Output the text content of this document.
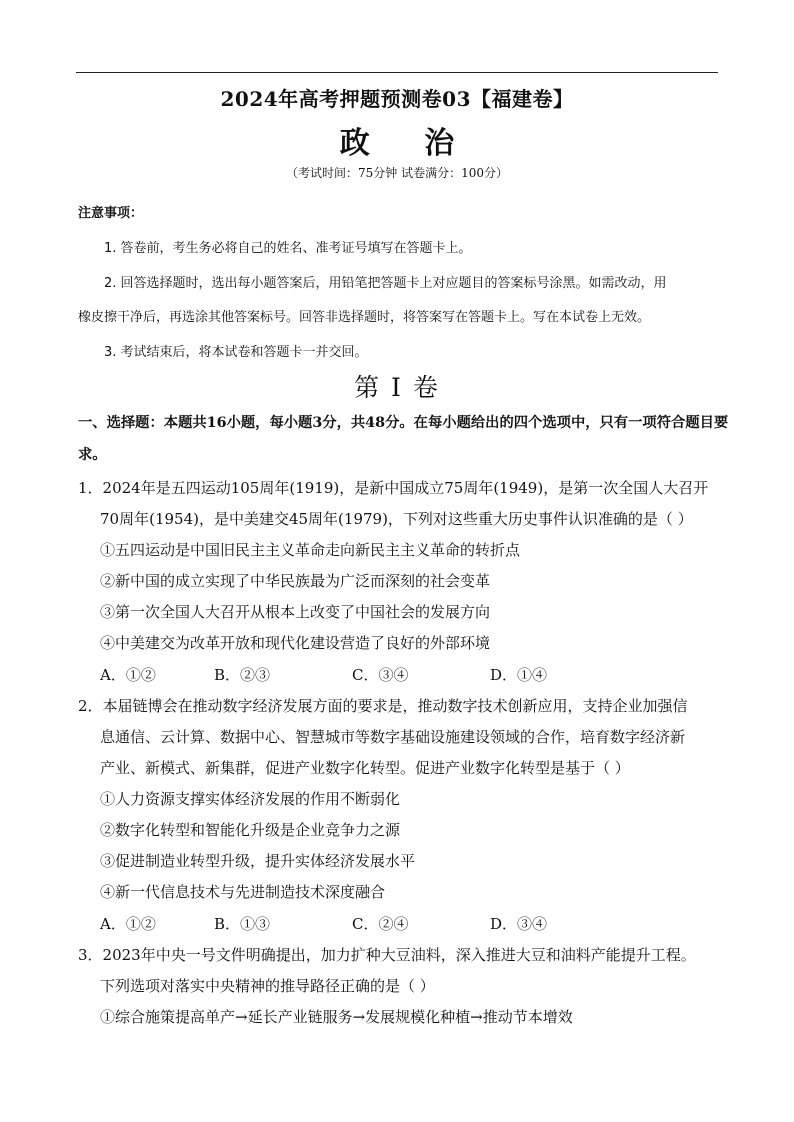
2024年高考押题预测卷03【福建卷】
政 治
（考试时间：75分钟 试卷满分：100分）
注意事项：
1. 答卷前，考生务必将自己的姓名、准考证号填写在答题卡上。
2. 回答选择题时，选出每小题答案后，用铅笔把答题卡上对应题目的答案标号涂黑。如需改动，用
橡皮擦干净后，再选涂其他答案标号。回答非选择题时，将答案写在答题卡上。写在本试卷上无效。
3. 考试结束后，将本试卷和答题卡一并交回。
第 I 卷
一、选择题：本题共16小题，每小题3分，共48分。在每小题给出的四个选项中，只有一项符合题目要
求。
1．2024年是五四运动105周年(1919)，是新中国成立75周年(1949)，是第一次全国人大召开
70周年(1954)，是中美建交45周年(1979)，下列对这些重大历史事件认识准确的是（ ）
①五四运动是中国旧民主主义革命走向新民主主义革命的转折点
②新中国的成立实现了中华民族最为广泛而深刻的社会变革
③第一次全国人大召开从根本上改变了中国社会的发展方向
④中美建交为改革开放和现代化建设营造了良好的外部环境
A．①②	B．②③	C．③④	D．①④
2．本届链博会在推动数字经济发展方面的要求是，推动数字技术创新应用，支持企业加强信
息通信、云计算、数据中心、智慧城市等数字基础设施建设领域的合作，培育数字经济新
产业、新模式、新集群，促进产业数字化转型。促进产业数字化转型是基于（ ）
①人力资源支撑实体经济发展的作用不断弱化
②数字化转型和智能化升级是企业竞争力之源
③促进制造业转型升级，提升实体经济发展水平
④新一代信息技术与先进制造技术深度融合
A．①②	B．①③	C．②④	D．③④
3．2023年中央一号文件明确提出，加力扩种大豆油料，深入推进大豆和油料产能提升工程。
下列选项对落实中央精神的推导路径正确的是（ ）
①综合施策提高单产→延长产业链服务→发展规模化种植→推动节本增效
